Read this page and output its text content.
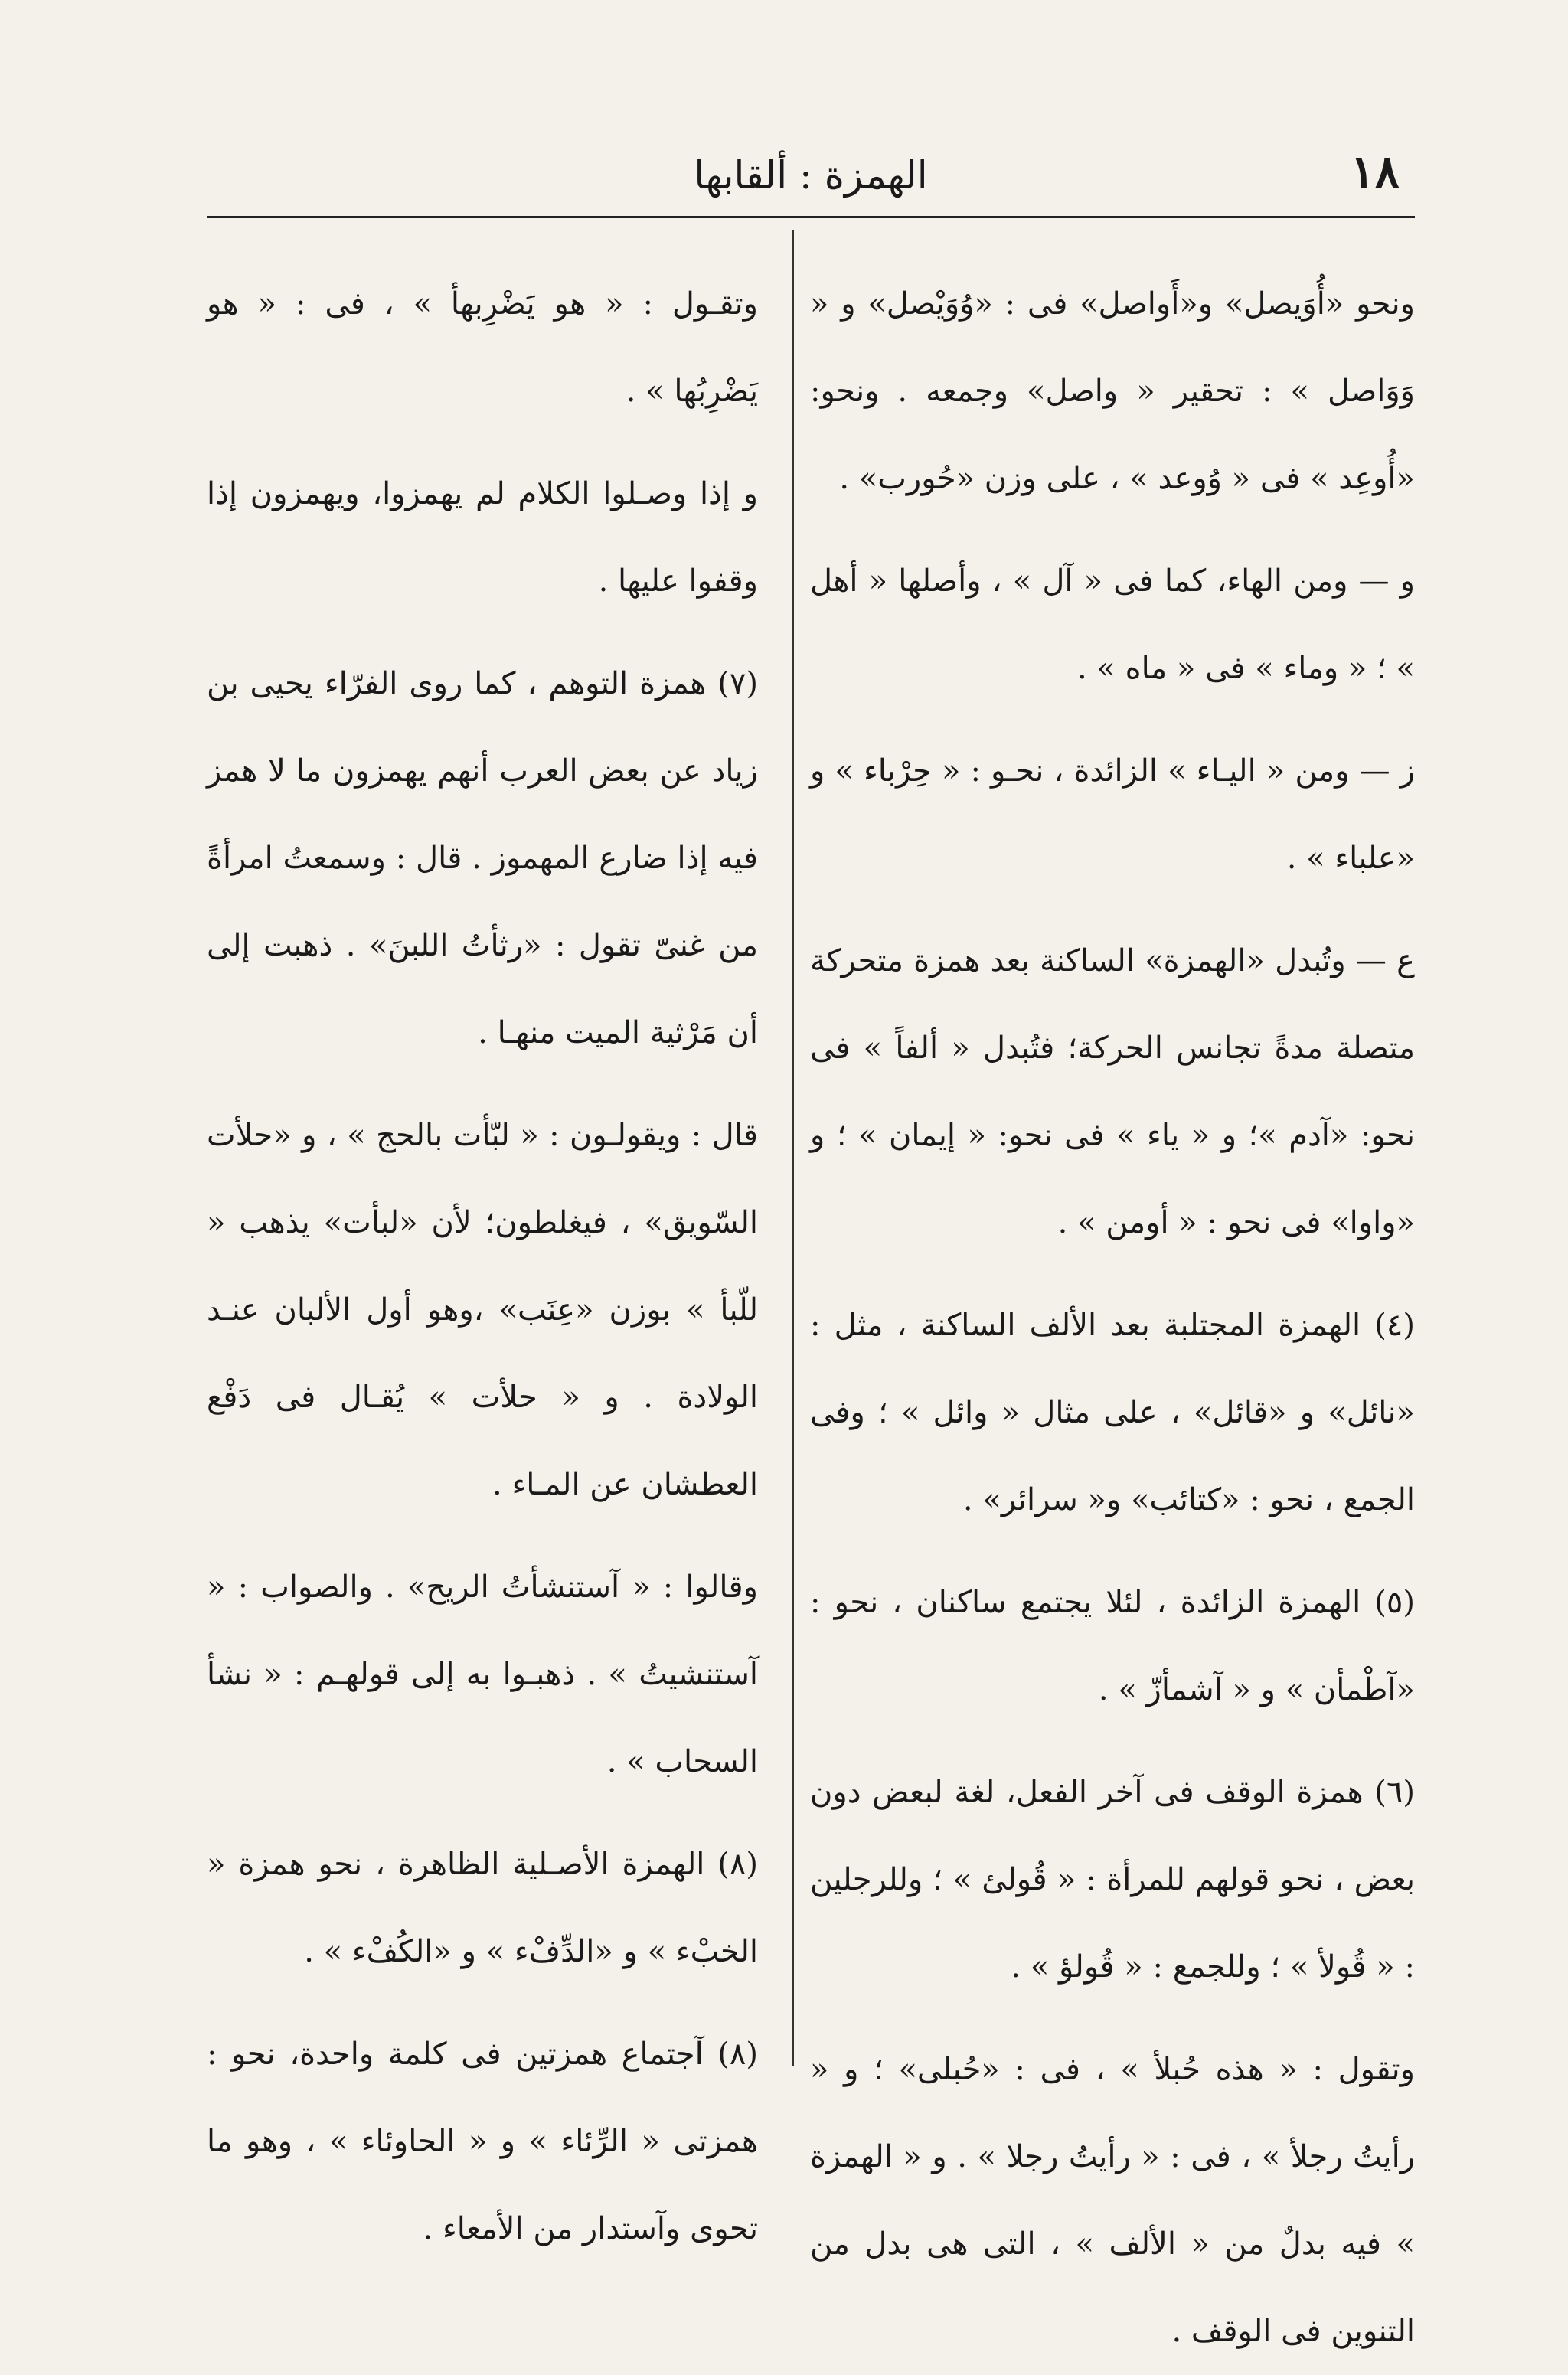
١٨
الهمزة : ألقابها

ونحو «أُوَيصل» و«أَواصل» فى : «وُوَيْصل» و « وَوَاصل » : تحقير « واصل» وجمعه . ونحو: «أُوعِد » فى « وُوعد » ، على وزن «حُورب» .

و — ومن الهاء، كما فى « آل » ، وأصلها « أهل » ؛ « وماء » فى « ماه » .

ز — ومن « اليـاء » الزائدة ، نحـو : « حِرْباء » و «علباء » .

ع — وتُبدل «الهمزة» الساكنة بعد همزة متحركة متصلة مدةً تجانس الحركة؛ فتُبدل « ألفاً » فى نحو: «آدم »؛ و « ياء » فى نحو: « إيمان » ؛ و «واوا» فى نحو : « أومن » .

(٤) الهمزة المجتلبة بعد الألف الساكنة ، مثل : «نائل» و «قائل» ، على مثال « وائل » ؛ وفى الجمع ، نحو : «كتائب» و« سرائر» .

(٥) الهمزة الزائدة ، لئلا يجتمع ساكنان ، نحو : «آطْمأن » و « آشمأزّ » .

(٦) همزة الوقف فى آخر الفعل، لغة لبعض دون بعض ، نحو قولهم للمرأة : « قُولئ » ؛ وللرجلين : « قُولأ » ؛ وللجمع : « قُولؤ » .

وتقول : « هذه حُبلأ » ، فى : «حُبلى» ؛ و « رأيتُ رجلأ » ، فى : « رأيتُ رجلا » . و « الهمزة » فيه بدلٌ من « الألف » ، التى هى بدل من التنوين فى الوقف .

وتقـول : « هو يَضْرِبهأ » ، فى : « هو يَضْرِبُها » .

و إذا وصـلوا الكلام لم يهمزوا، ويهمزون إذا وقفوا عليها .

(٧) همزة التوهم ، كما روى الفرّاء يحيى بن زياد عن بعض العرب أنهم يهمزون ما لا همز فيه إذا ضارع المهموز . قال : وسمعتُ امرأةً من غنىّ تقول : «رثأتُ اللبنَ» . ذهبت إلى أن مَرْثية الميت منهـا .

قال : ويقولـون : « لبّأت بالحج » ، و «حلأت السّويق» ، فيغلطون؛ لأن «لبأت» يذهب « للّبأ » بوزن «عِنَب» ،وهو أول الألبان عنـد الولادة . و « حلأت » يُقـال فى دَفْع العطشان عن المـاء .

وقالوا : « آستنشأتُ الريح» . والصواب : « آستنشيتُ » . ذهبـوا به إلى قولهـم : « نشأ السحاب » .

(٨) الهمزة الأصـلية الظاهرة ، نحو همزة « الخبْء » و «الدِّفْء » و «الكُفْء » .

(٨) آجتماع همزتين فى كلمة واحدة، نحو : همزتى « الرِّئاء » و « الحاوئاء » ، وهو ما تحوى وآستدار من الأمعاء .
